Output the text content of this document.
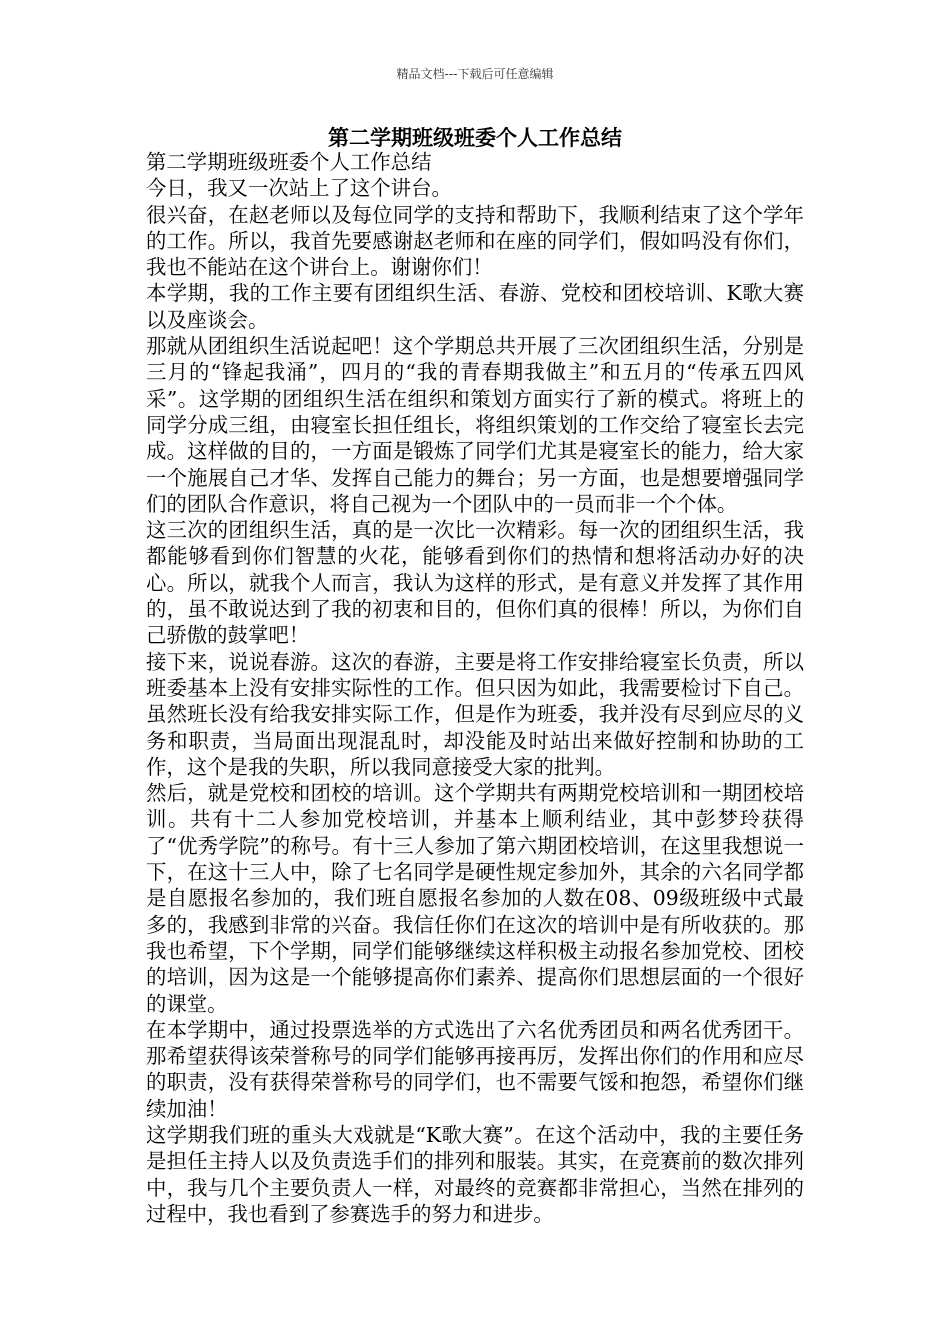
精品文档---下载后可任意编辑
第二学期班级班委个人工作总结

第二学期班级班委个人工作总结

今日，我又一次站上了这个讲台。

很兴奋，在赵老师以及每位同学的支持和帮助下，我顺利结束了这个学年的工作。所以，我首先要感谢赵老师和在座的同学们，假如吗没有你们，我也不能站在这个讲台上。谢谢你们！

本学期，我的工作主要有团组织生活、春游、党校和团校培训、K歌大赛以及座谈会。

那就从团组织生活说起吧！这个学期总共开展了三次团组织生活，分别是三月的“锋起我涌”，四月的“我的青春期我做主”和五月的“传承五四风采”。这学期的团组织生活在组织和策划方面实行了新的模式。将班上的同学分成三组，由寝室长担任组长，将组织策划的工作交给了寝室长去完成。这样做的目的，一方面是锻炼了同学们尤其是寝室长的能力，给大家一个施展自己才华、发挥自己能力的舞台；另一方面，也是想要增强同学们的团队合作意识，将自己视为一个团队中的一员而非一个个体。

这三次的团组织生活，真的是一次比一次精彩。每一次的团组织生活，我都能够看到你们智慧的火花，能够看到你们的热情和想将活动办好的决心。所以，就我个人而言，我认为这样的形式，是有意义并发挥了其作用的，虽不敢说达到了我的初衷和目的，但你们真的很棒！所以，为你们自己骄傲的鼓掌吧！

接下来，说说春游。这次的春游，主要是将工作安排给寝室长负责，所以班委基本上没有安排实际性的工作。但只因为如此，我需要检讨下自己。虽然班长没有给我安排实际工作，但是作为班委，我并没有尽到应尽的义务和职责，当局面出现混乱时，却没能及时站出来做好控制和协助的工作，这个是我的失职，所以我同意接受大家的批判。

然后，就是党校和团校的培训。这个学期共有两期党校培训和一期团校培训。共有十二人参加党校培训，并基本上顺利结业，其中彭梦玲获得了“优秀学院”的称号。有十三人参加了第六期团校培训，在这里我想说一下，在这十三人中，除了七名同学是硬性规定参加外，其余的六名同学都是自愿报名参加的，我们班自愿报名参加的人数在08、09级班级中式最多的，我感到非常的兴奋。我信任你们在这次的培训中是有所收获的。那我也希望，下个学期，同学们能够继续这样积极主动报名参加党校、团校的培训，因为这是一个能够提高你们素养、提高你们思想层面的一个很好的课堂。

在本学期中，通过投票选举的方式选出了六名优秀团员和两名优秀团干。那希望获得该荣誉称号的同学们能够再接再厉，发挥出你们的作用和应尽的职责，没有获得荣誉称号的同学们，也不需要气馁和抱怨，希望你们继续加油！

这学期我们班的重头大戏就是“K歌大赛”。在这个活动中，我的主要任务是担任主持人以及负责选手们的排列和服装。其实，在竞赛前的数次排列中，我与几个主要负责人一样，对最终的竞赛都非常担心，当然在排列的过程中，我也看到了参赛选手的努力和进步。
